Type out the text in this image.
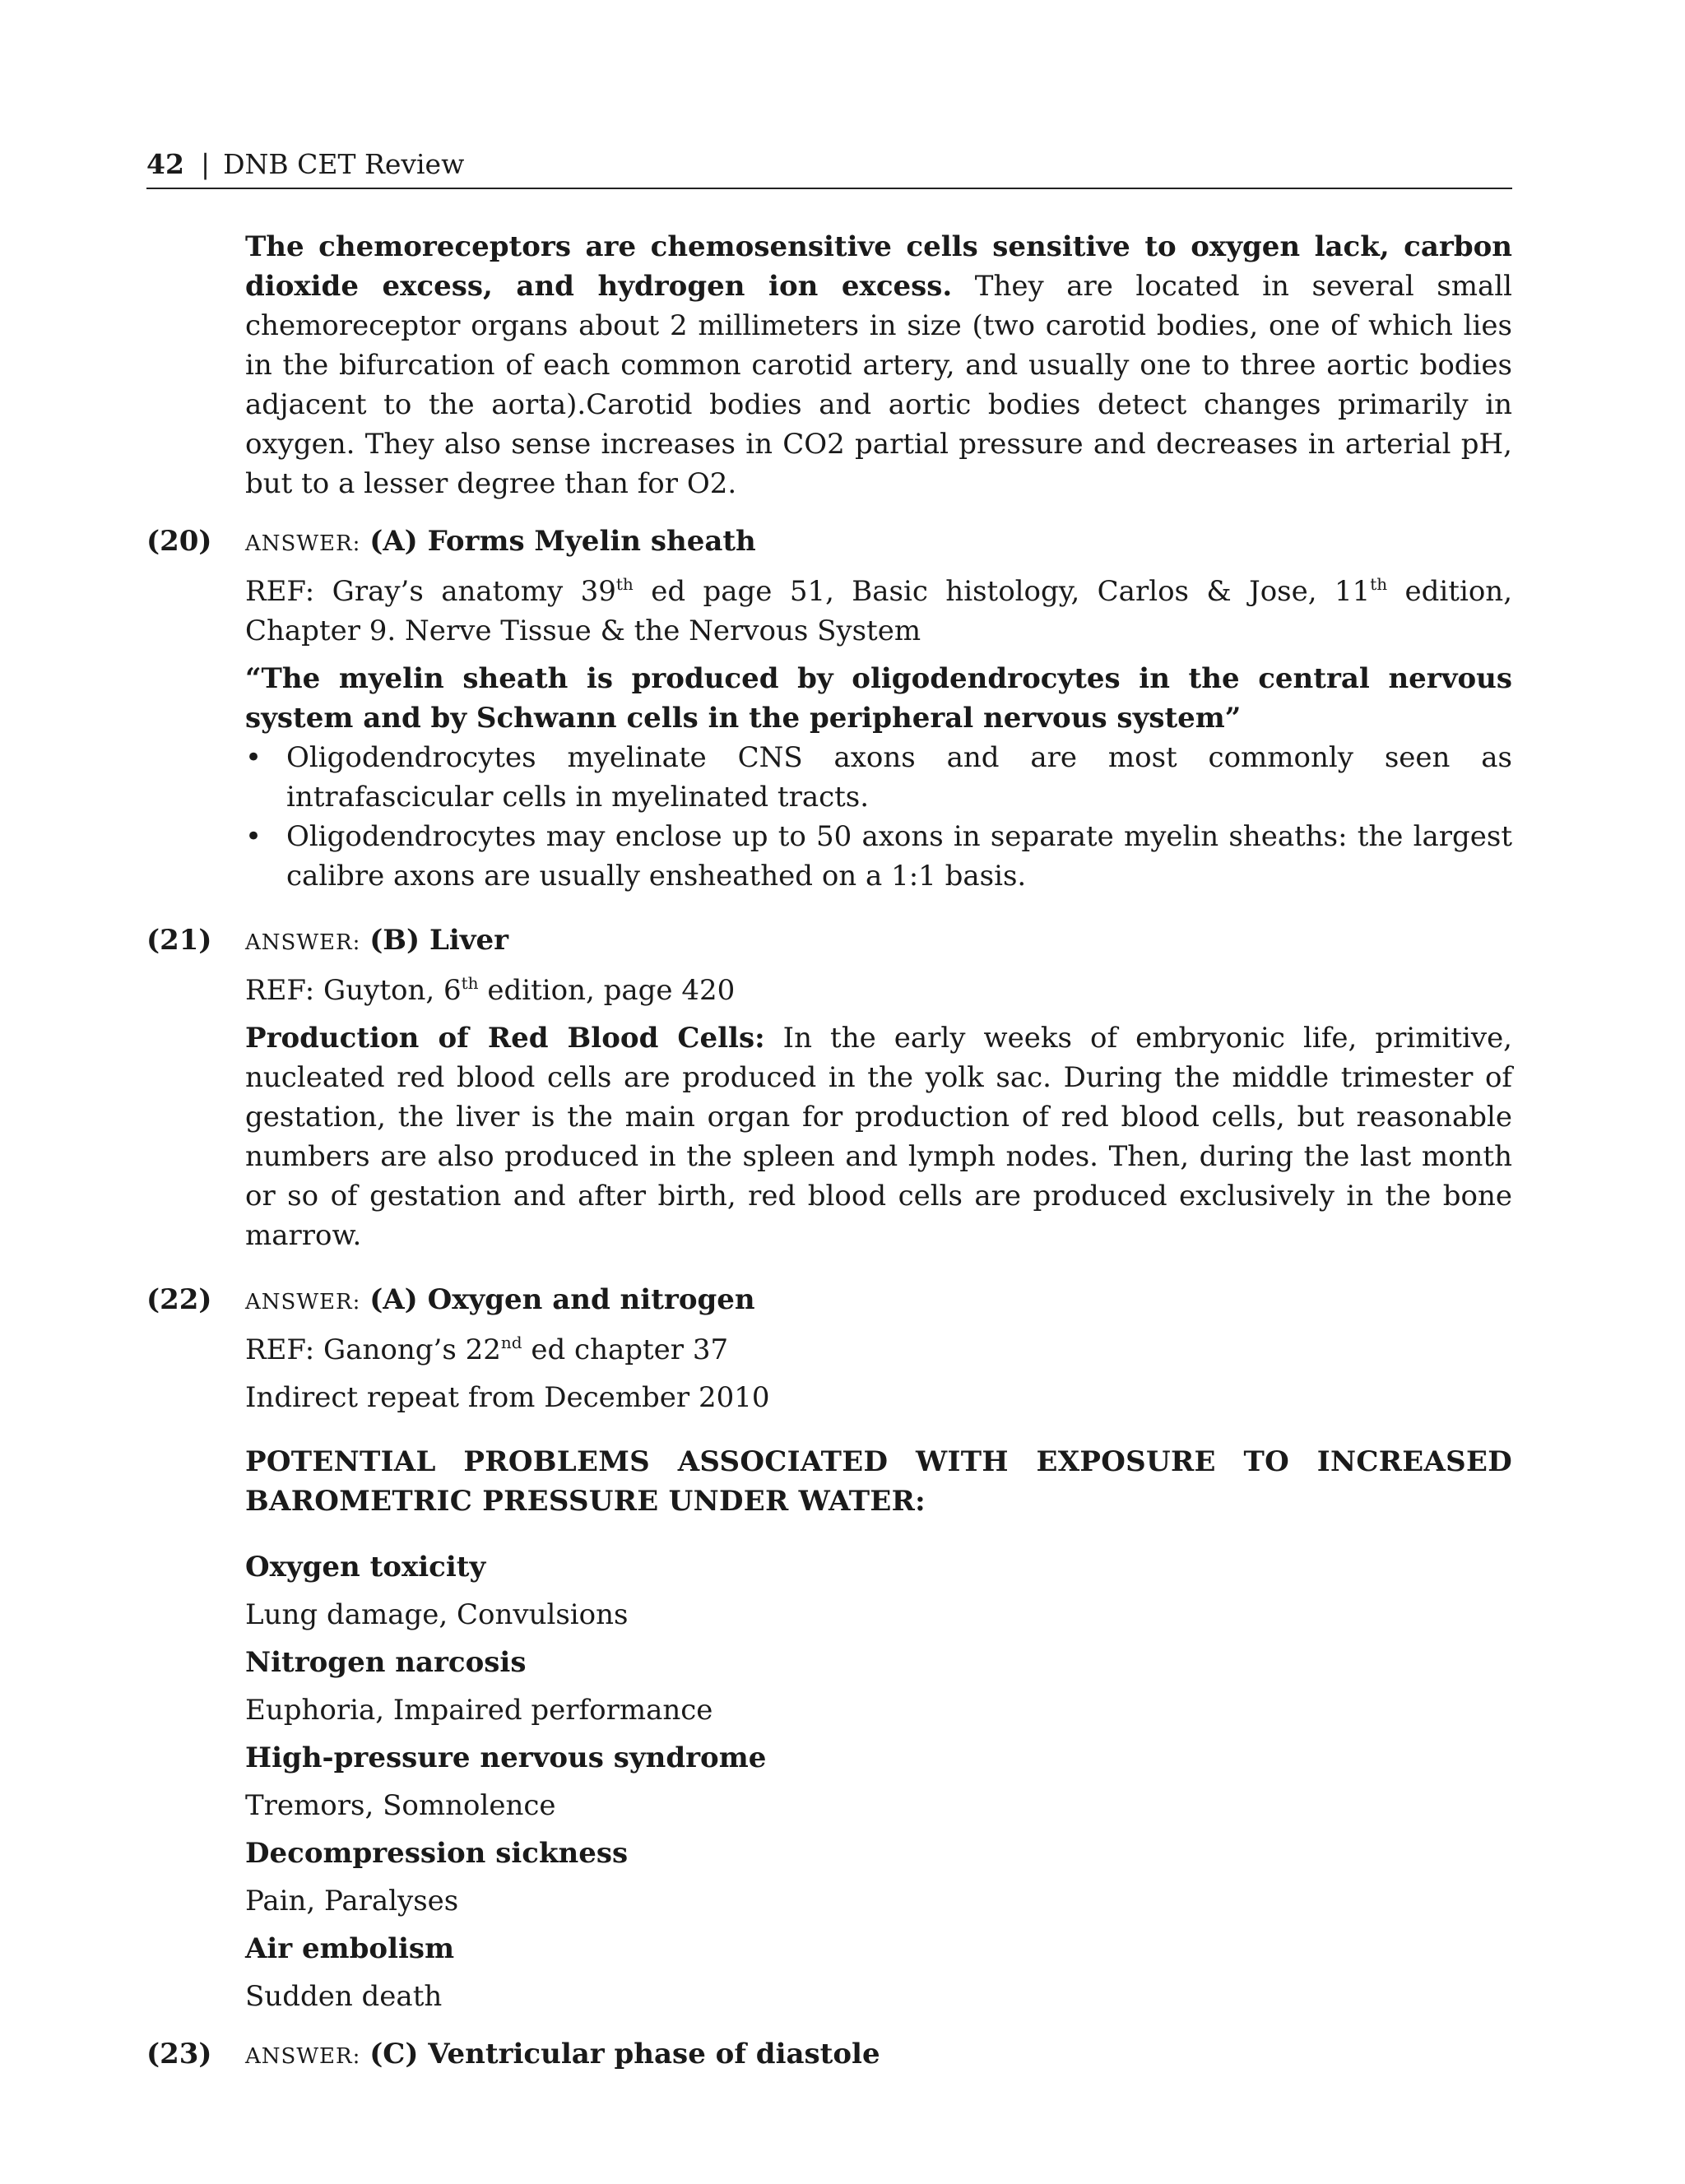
42 | DNB CET Review

The chemoreceptors are chemosensitive cells sensitive to oxygen lack, carbon dioxide excess, and hydrogen ion excess. They are located in several small chemoreceptor organs about 2 millimeters in size (two carotid bodies, one of which lies in the bifurcation of each common carotid artery, and usually one to three aortic bodies adjacent to the aorta).Carotid bodies and aortic bodies detect changes primarily in oxygen. They also sense increases in CO2 partial pressure and decreases in arterial pH, but to a lesser degree than for O2.

(20) ANSWER: (A) Forms Myelin sheath

REF: Gray’s anatomy 39th ed page 51, Basic histology, Carlos & Jose, 11th edition, Chapter 9. Nerve Tissue & the Nervous System

“The myelin sheath is produced by oligodendrocytes in the central nervous system and by Schwann cells in the peripheral nervous system”

• Oligodendrocytes myelinate CNS axons and are most commonly seen as intrafascicular cells in myelinated tracts.
• Oligodendrocytes may enclose up to 50 axons in separate myelin sheaths: the largest calibre axons are usually ensheathed on a 1:1 basis.
(21) ANSWER: (B) Liver

REF: Guyton, 6th edition, page 420

Production of Red Blood Cells: In the early weeks of embryonic life, primitive, nucleated red blood cells are produced in the yolk sac. During the middle trimester of gestation, the liver is the main organ for production of red blood cells, but reasonable numbers are also produced in the spleen and lymph nodes. Then, during the last month or so of gestation and after birth, red blood cells are produced exclusively in the bone marrow.

(22) ANSWER: (A) Oxygen and nitrogen

REF: Ganong’s 22nd ed chapter 37

Indirect repeat from December 2010

POTENTIAL PROBLEMS ASSOCIATED WITH EXPOSURE TO INCREASED BAROMETRIC PRESSURE UNDER WATER:

Oxygen toxicity

Lung damage, Convulsions

Nitrogen narcosis

Euphoria, Impaired performance

High-pressure nervous syndrome

Tremors, Somnolence

Decompression sickness

Pain, Paralyses

Air embolism

Sudden death

(23) ANSWER: (C) Ventricular phase of diastole
